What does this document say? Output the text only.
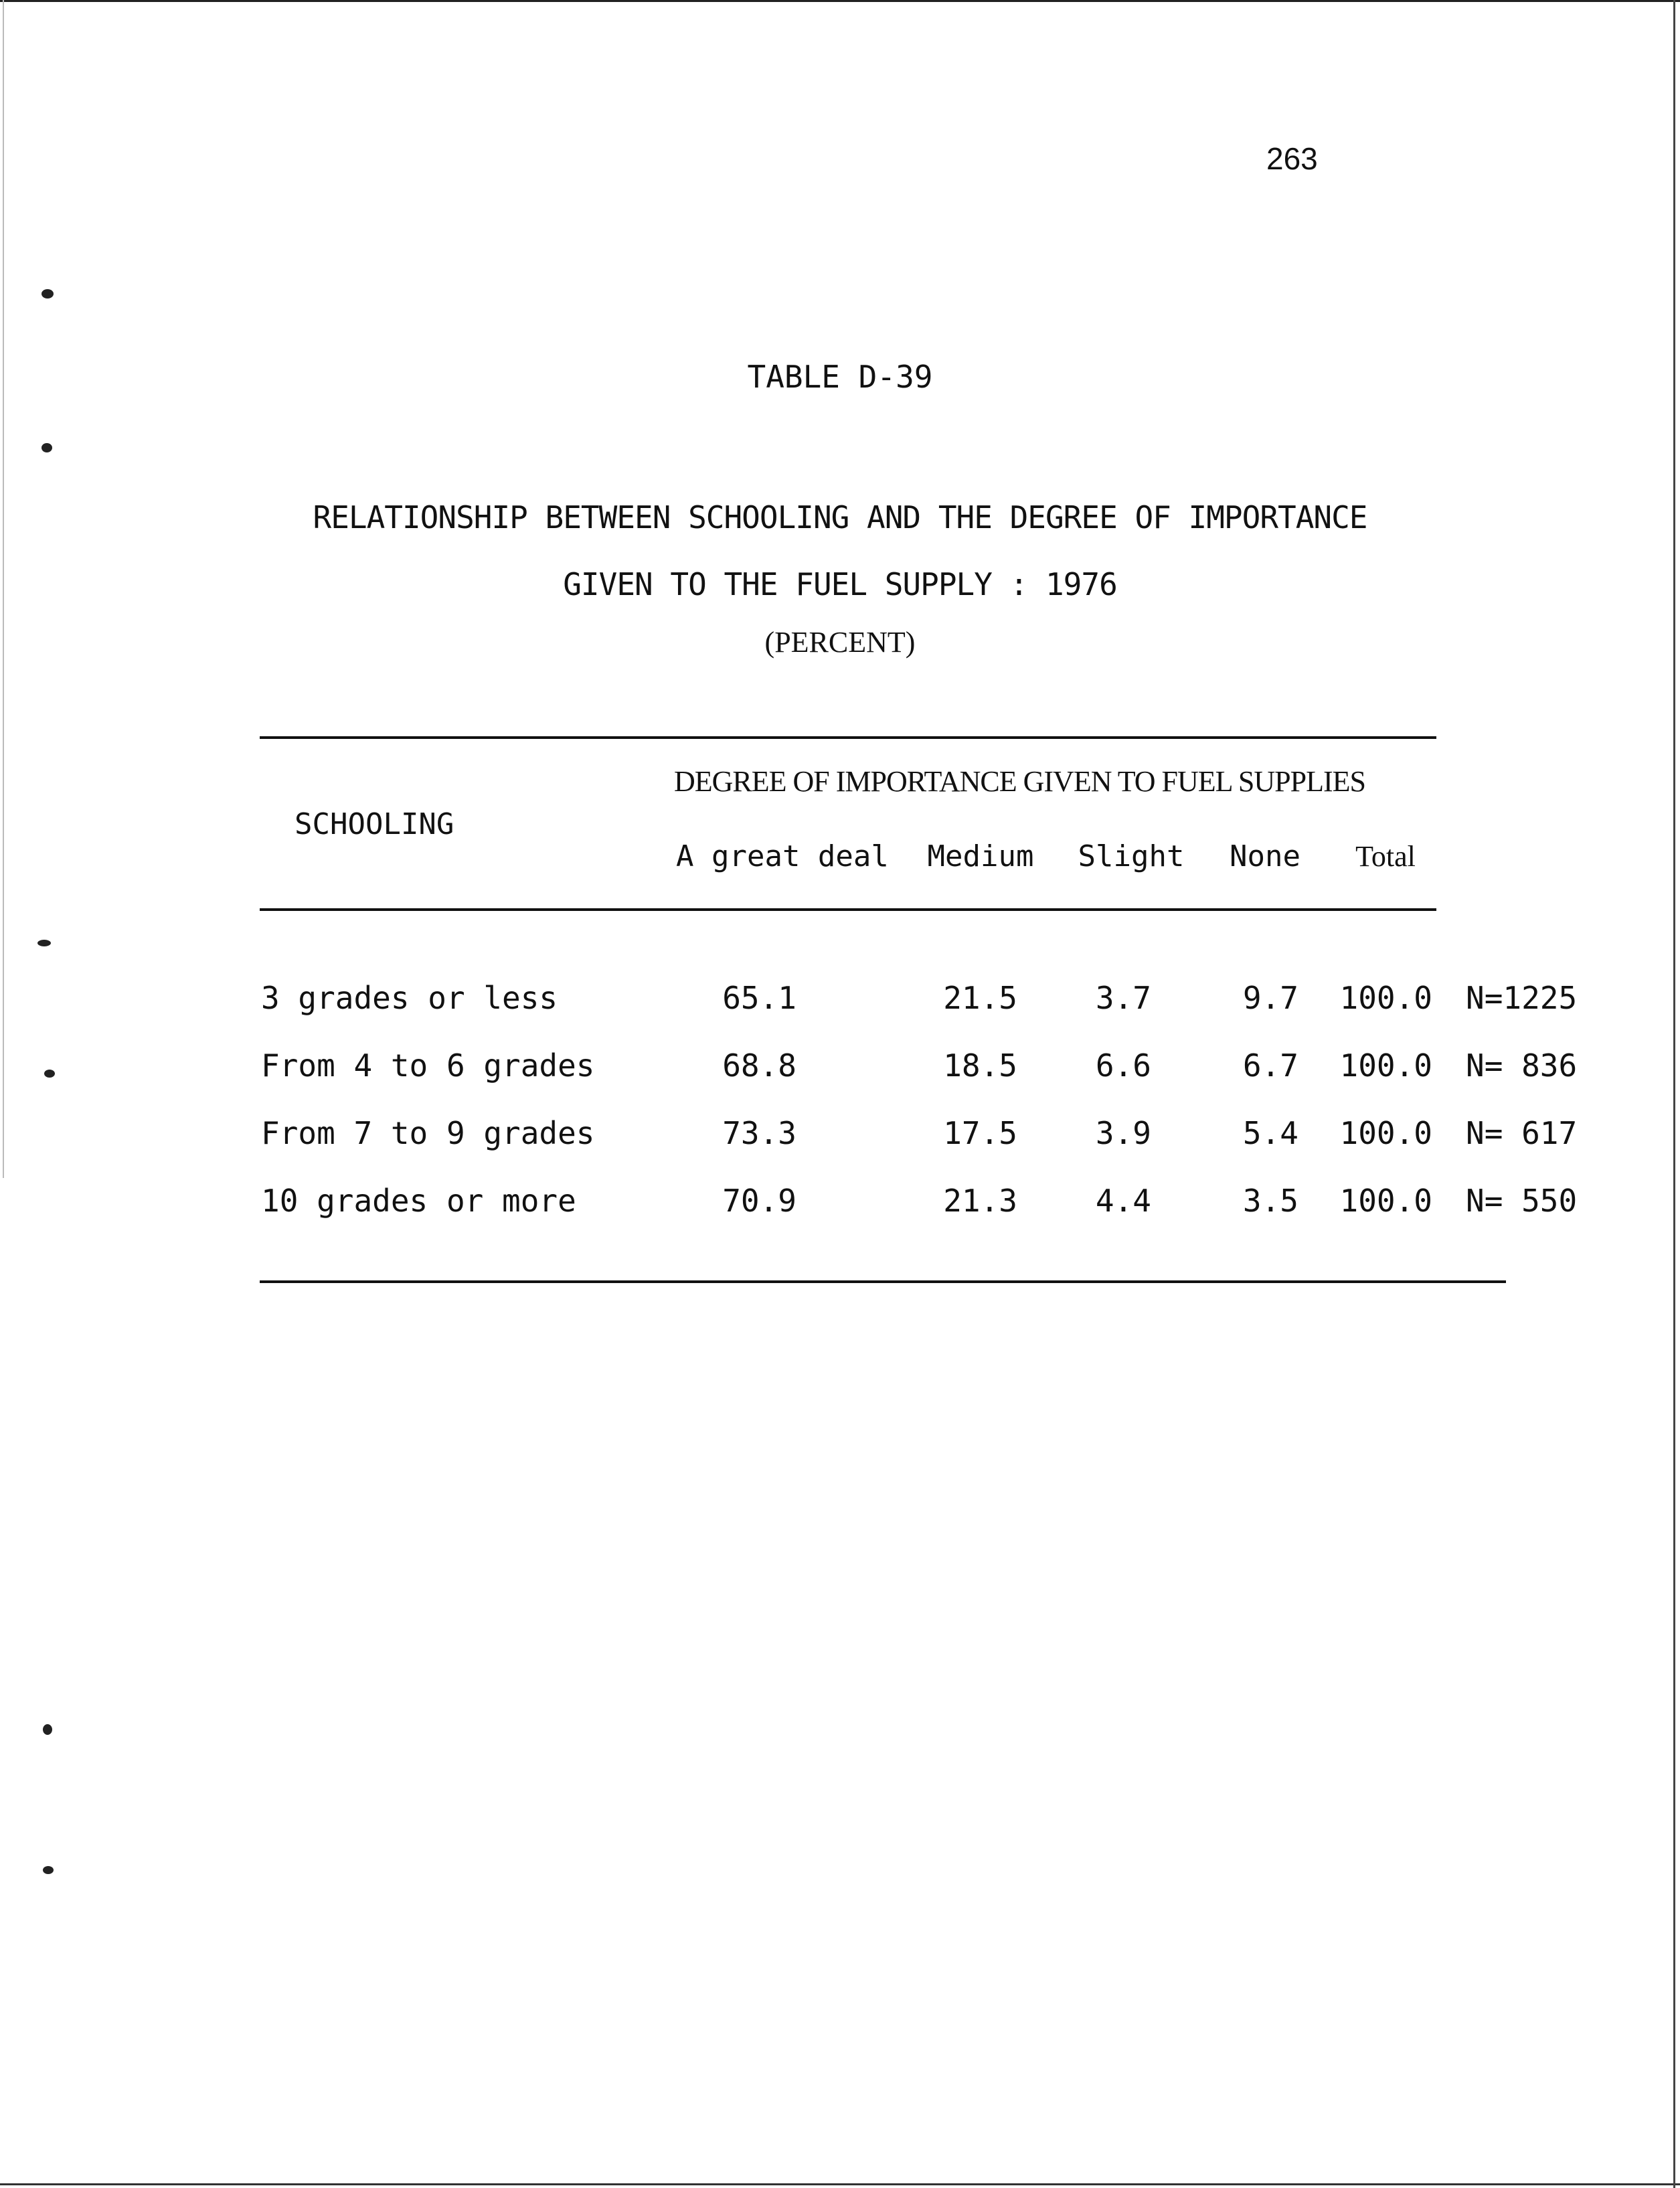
263
TABLE D-39
RELATIONSHIP BETWEEN SCHOOLING AND THE DEGREE OF IMPORTANCE
GIVEN TO THE FUEL SUPPLY : 1976
(PERCENT)
SCHOOLING
DEGREE OF IMPORTANCE GIVEN TO FUEL SUPPLIES
A great deal	Medium	Slight None	Total
3 grades or less	65.1	21.5	3.7	9.7	100.0 N=1225
From 4 to 6 grades	68.8	18.5	6.6	6.7	100.0 N= 836
From 7 to 9 grades	73.3	17.5	3.9	5.4	100.0 N= 617
10 grades or more	70.9	21.3	4.4	3.5	100.0 N= 550
